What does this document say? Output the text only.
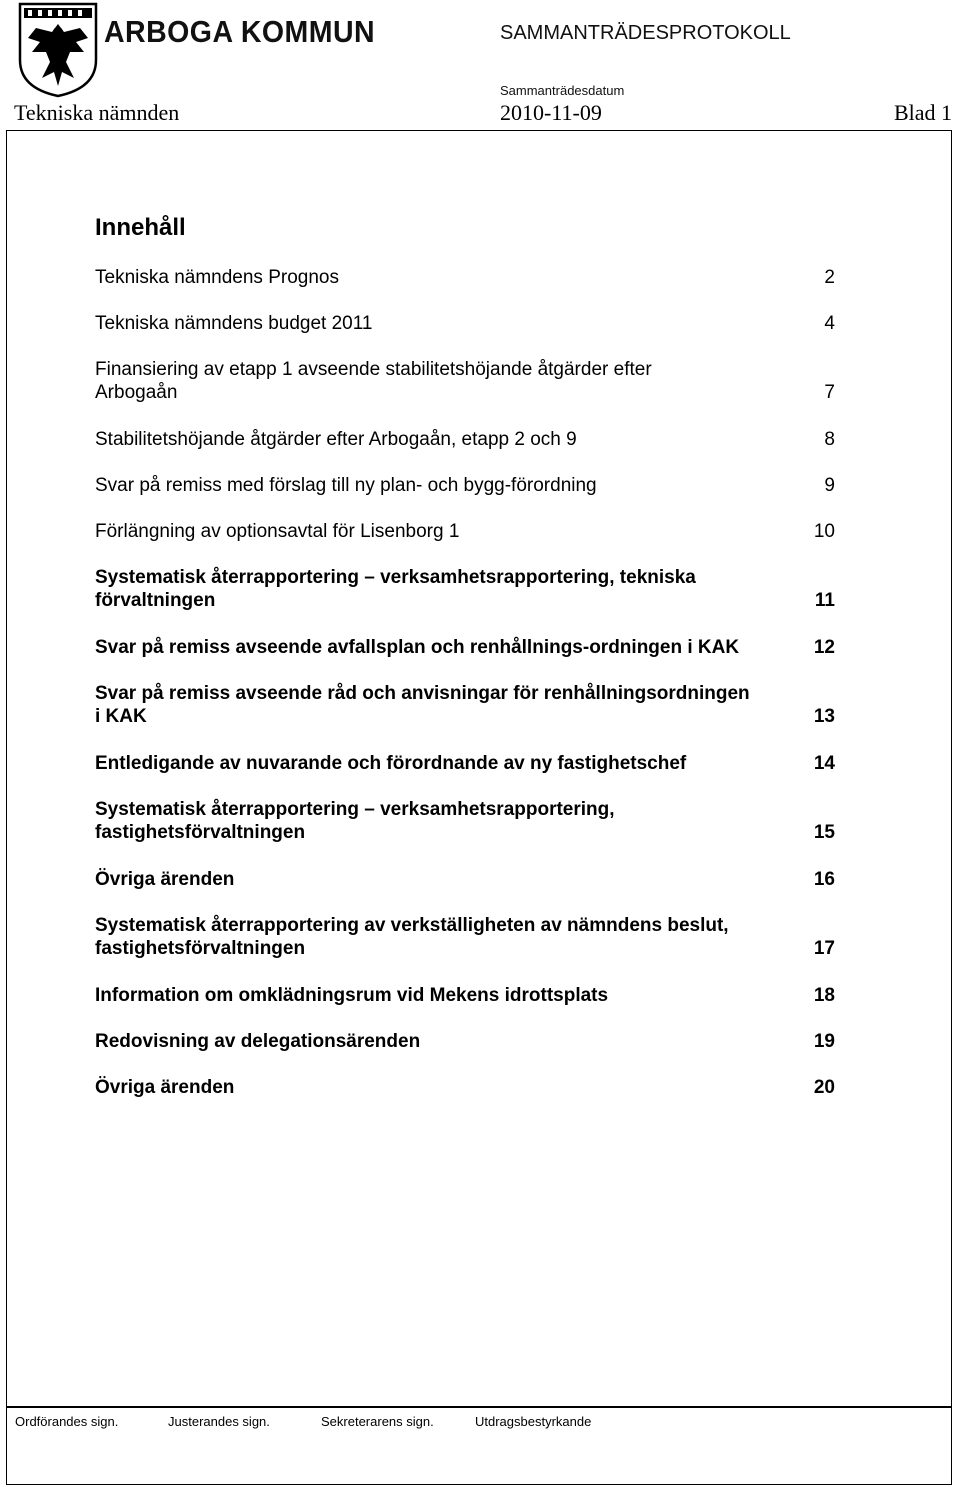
ARBOGA KOMMUN	SAMMANTRÄDESPROTOKOLL
Sammanträdesdatum
Tekniska nämnden	2010-11-09	Blad 1
Innehåll
Tekniska nämndens Prognos	2
Tekniska nämndens budget 2011	4
Finansiering av etapp 1 avseende stabilitetshöjande åtgärder efter
Arbogaån	7
Stabilitetshöjande åtgärder efter Arbogaån, etapp 2 och 9	8
Svar på remiss med förslag till ny plan- och bygg-förordning	9
Förlängning av optionsavtal för Lisenborg 1	10
Systematisk återrapportering – verksamhetsrapportering, tekniska
förvaltningen	11
Svar på remiss avseende avfallsplan och renhållnings-ordningen i KAK	12
Svar på remiss avseende råd och anvisningar för renhållningsordningen
i KAK	13
Entledigande av nuvarande och förordnande av ny fastighetschef	14
Systematisk återrapportering – verksamhetsrapportering,
fastighetsförvaltningen	15
Övriga ärenden	16
Systematisk återrapportering av verkställigheten av nämndens beslut,
fastighetsförvaltningen	17
Information om omklädningsrum vid Mekens idrottsplats	18
Redovisning av delegationsärenden	19
Övriga ärenden	20
Ordförandes sign.	Justerandes sign.	Sekreterarens sign.	Utdragsbestyrkande
